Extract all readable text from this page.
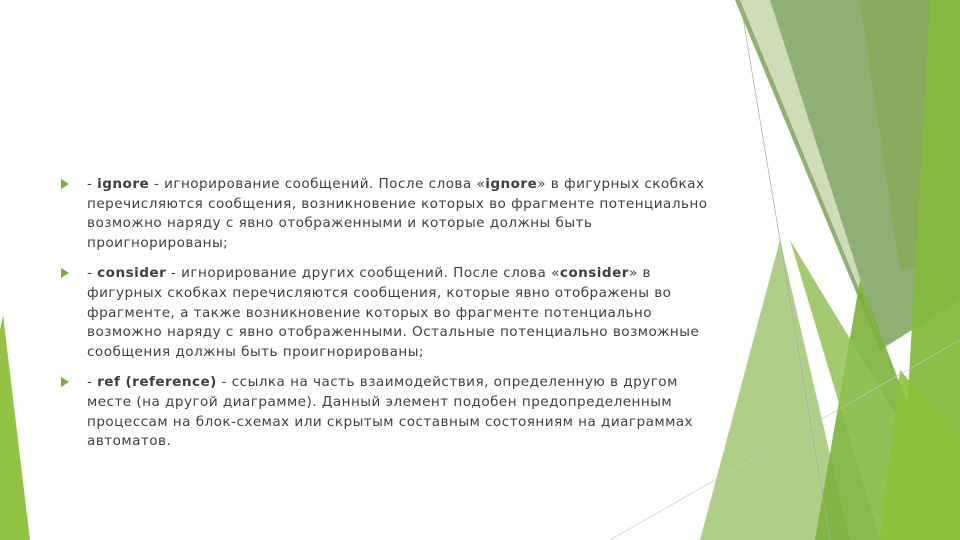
- ignore - игнорирование сообщений. После слова «ignore» в фигурных скобках перечисляются сообщения, возникновение которых во фрагменте потенциально возможно наряду с явно отображенными и которые должны быть проигнорированы;
- consider - игнорирование других сообщений. После слова «consider» в фигурных скобках перечисляются сообщения, которые явно отображены во фрагменте, а также возникновение которых во фрагменте потенциально возможно наряду с явно отображенными. Остальные потенциально возможные сообщения должны быть проигнорированы;
- ref (reference) - ссылка на часть взаимодействия, определенную в другом месте (на другой диаграмме). Данный элемент подобен предопределенным процессам на блок-схемах или скрытым составным состояниям на диаграммах автоматов.
